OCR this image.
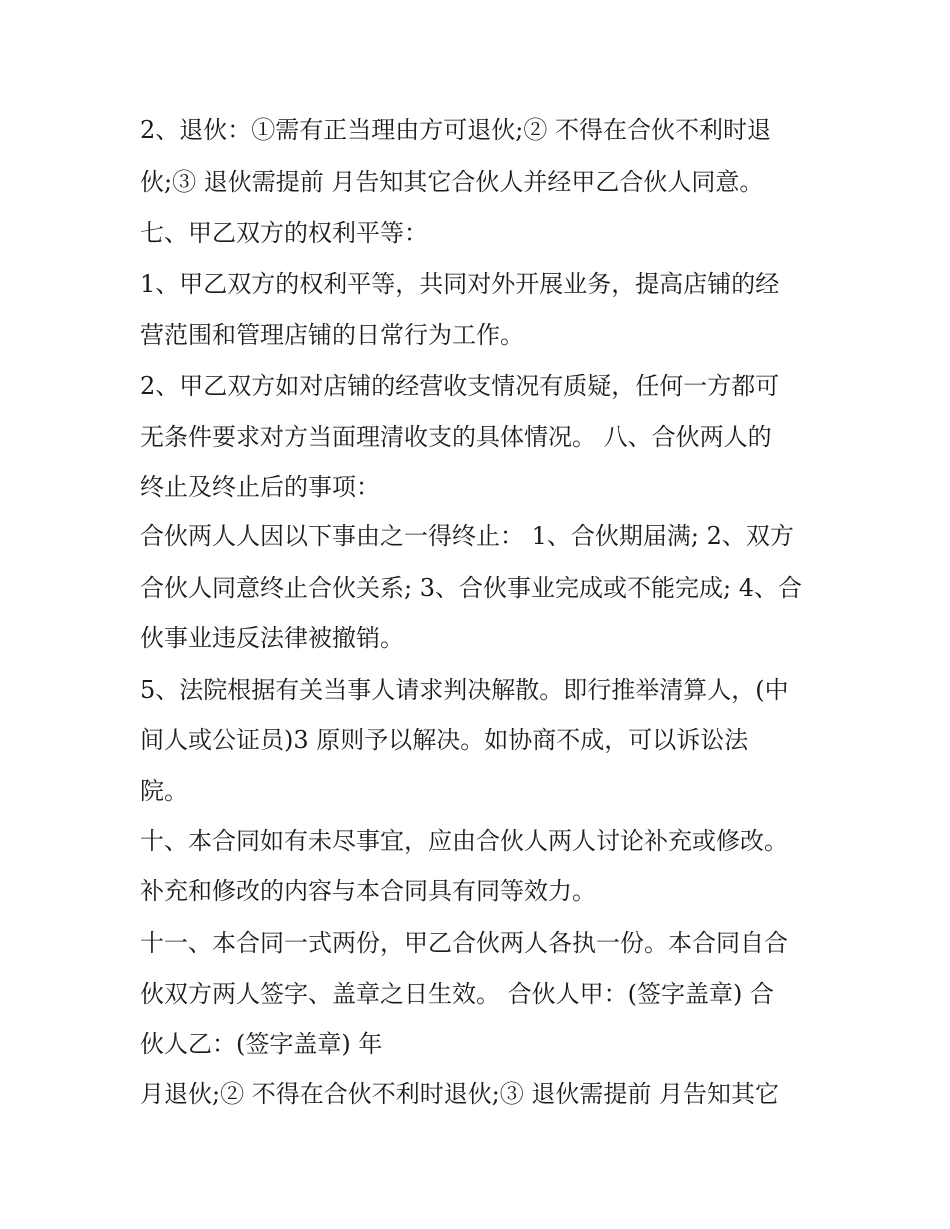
2、退伙：①需有正当理由方可退伙;② 不得在合伙不利时退
伙;③ 退伙需提前 月告知其它合伙人并经甲乙合伙人同意。
七、甲乙双方的权利平等：
1、甲乙双方的权利平等，共同对外开展业务，提高店铺的经
营范围和管理店铺的日常行为工作。
2、甲乙双方如对店铺的经营收支情况有质疑，任何一方都可
无条件要求对方当面理清收支的具体情况。 八、合伙两人的
终止及终止后的事项：
合伙两人人因以下事由之一得终止： 1、合伙期届满; 2、双方
合伙人同意终止合伙关系; 3、合伙事业完成或不能完成; 4、合
伙事业违反法律被撤销。
5、法院根据有关当事人请求判决解散。即行推举清算人，(中
间人或公证员)3 原则予以解决。如协商不成，可以诉讼法
院。
十、本合同如有未尽事宜，应由合伙人两人讨论补充或修改。
补充和修改的内容与本合同具有同等效力。
十一、本合同一式两份，甲乙合伙两人各执一份。本合同自合
伙双方两人签字、盖章之日生效。 合伙人甲：(签字盖章) 合
伙人乙：(签字盖章) 年
月退伙;② 不得在合伙不利时退伙;③ 退伙需提前 月告知其它
